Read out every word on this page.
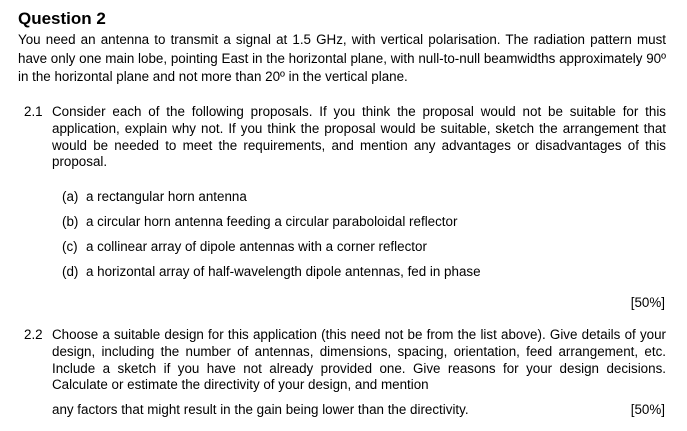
Question 2
You need an antenna to transmit a signal at 1.5 GHz, with vertical polarisation. The radiation pattern must have only one main lobe, pointing East in the horizontal plane, with null-to-null beamwidths approximately 90º in the horizontal plane and not more than 20º in the vertical plane.
2.1 Consider each of the following proposals. If you think the proposal would not be suitable for this application, explain why not. If you think the proposal would be suitable, sketch the arrangement that would be needed to meet the requirements, and mention any advantages or disadvantages of this proposal.
(a) a rectangular horn antenna
(b) a circular horn antenna feeding a circular paraboloidal reflector
(c) a collinear array of dipole antennas with a corner reflector
(d) a horizontal array of half-wavelength dipole antennas, fed in phase
[50%]
2.2 Choose a suitable design for this application (this need not be from the list above). Give details of your design, including the number of antennas, dimensions, spacing, orientation, feed arrangement, etc. Include a sketch if you have not already provided one. Give reasons for your design decisions. Calculate or estimate the directivity of your design, and mention
any factors that might result in the gain being lower than the directivity.	[50%]
